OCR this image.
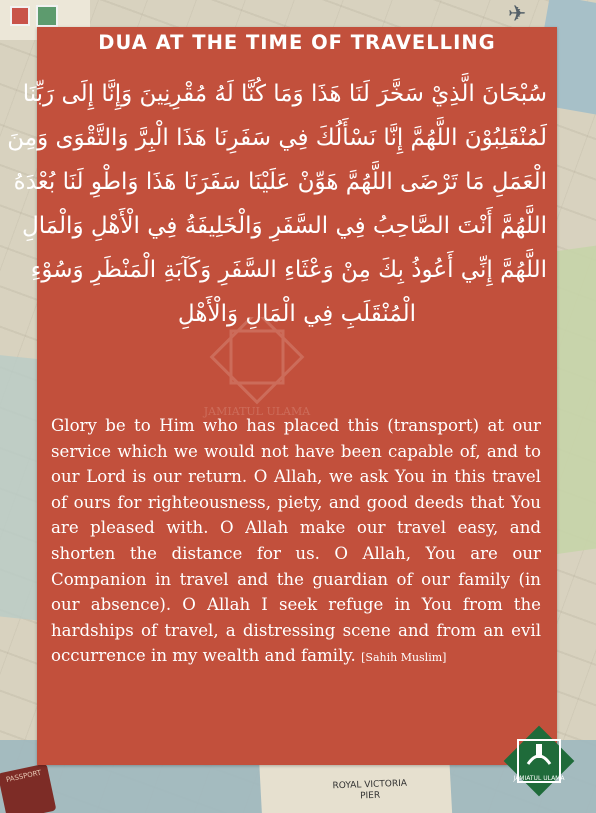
✈
PASSPORT
ROYAL VICTORIA
PIER
DUA AT THE TIME OF TRAVELLING
سُبْحَانَ الَّذِيْ سَخَّرَ لَنَا هَذَا وَمَا كُنَّا لَهُ مُقْرِنِينَ وَإِنَّا إِلَى رَبِّنَا
لَمُنْقَلِبُوْنَ اللَّهُمَّ إِنَّا نَسْأَلُكَ فِي سَفَرِنَا هَذَا الْبِرَّ وَالتَّقْوَى وَمِنَ
الْعَمَلِ مَا تَرْضَى اللَّهُمَّ هَوِّنْ عَلَيْنَا سَفَرَنَا هَذَا وَاطْوِ لَنَا بُعْدَهُ
اللَّهُمَّ أَنْتَ الصَّاحِبُ فِي السَّفَرِ وَالْخَلِيفَةُ فِي الْأَهْلِ وَالْمَالِ
اللَّهُمَّ إِنِّي أَعُوذُ بِكَ مِنْ وَعْثَاءِ السَّفَرِ وَكَآبَةِ الْمَنْظَرِ وَسُوْءِ
الْمُنْقَلَبِ فِي الْمَالِ وَالْأَهْلِ
JAMIATUL ULAMA
Glory be to Him who has placed this (transport) at our service which we would not have been capable of, and to our Lord is our return. O Allah, we ask You in this travel of ours for righteousness, piety, and good deeds that You are pleased with. O Allah make our travel easy, and shorten the distance for us. O Allah, You are our Companion in travel and the guardian of our family (in our absence). O Allah I seek refuge in You from the hardships of travel, a distressing scene and from an evil occurrence in my wealth and family. [Sahih Muslim]
JAMIATUL ULAMA
